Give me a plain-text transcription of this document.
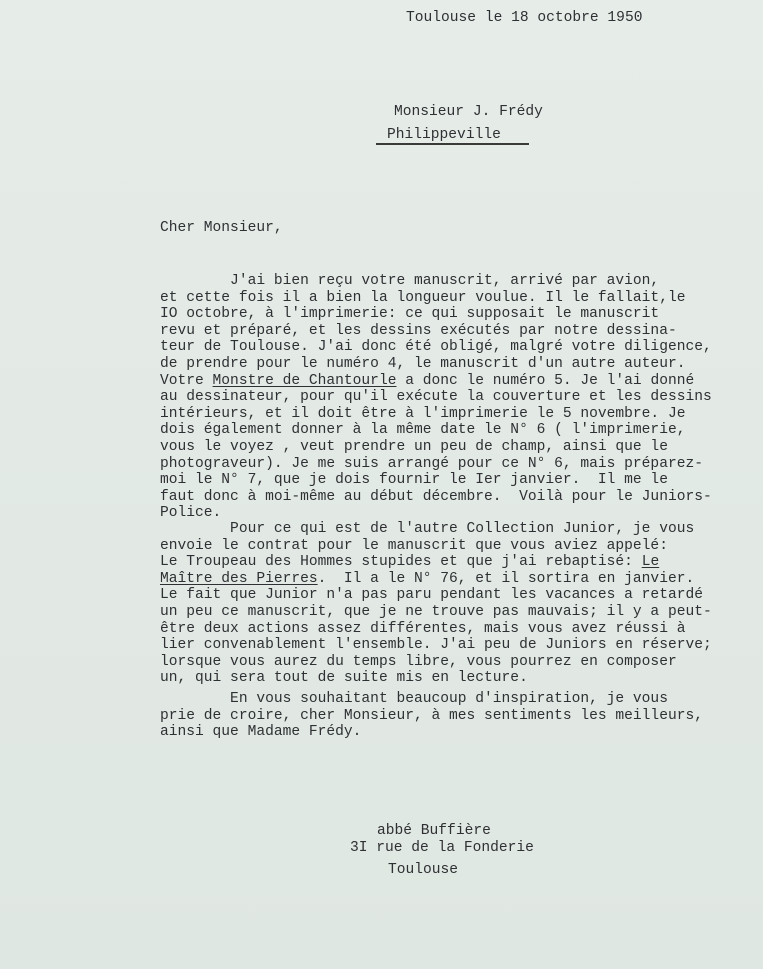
Toulouse le 18 octobre 1950
Monsieur J. Frédy
Philippeville
Cher Monsieur,
J'ai bien reçu votre manuscrit, arrivé par avion,
et cette fois il a bien la longueur voulue. Il le fallait,le
IO octobre, à l'imprimerie: ce qui supposait le manuscrit
revu et préparé, et les dessins exécutés par notre dessina-
teur de Toulouse. J'ai donc été obligé, malgré votre diligence,
de prendre pour le numéro 4, le manuscrit d'un autre auteur.
Votre Monstre de Chantourle a donc le numéro 5. Je l'ai donné
au dessinateur, pour qu'il exécute la couverture et les dessins
intérieurs, et il doit être à l'imprimerie le 5 novembre. Je
dois également donner à la même date le N° 6 ( l'imprimerie,
vous le voyez , veut prendre un peu de champ, ainsi que le
photograveur). Je me suis arrangé pour ce N° 6, mais préparez-
moi le N° 7, que je dois fournir le Ier janvier.  Il me le
faut donc à moi-même au début décembre.  Voilà pour le Juniors-
Police.
Pour ce qui est de l'autre Collection Junior, je vous
envoie le contrat pour le manuscrit que vous aviez appelé:
Le Troupeau des Hommes stupides et que j'ai rebaptisé: Le
Maître des Pierres.  Il a le N° 76, et il sortira en janvier.
Le fait que Junior n'a pas paru pendant les vacances a retardé
un peu ce manuscrit, que je ne trouve pas mauvais; il y a peut-
être deux actions assez différentes, mais vous avez réussi à
lier convenablement l'ensemble. J'ai peu de Juniors en réserve;
lorsque vous aurez du temps libre, vous pourrez en composer
un, qui sera tout de suite mis en lecture.
En vous souhaitant beaucoup d'inspiration, je vous
prie de croire, cher Monsieur, à mes sentiments les meilleurs,
ainsi que Madame Frédy.
abbé Buffière
3I rue de la Fonderie
Toulouse
